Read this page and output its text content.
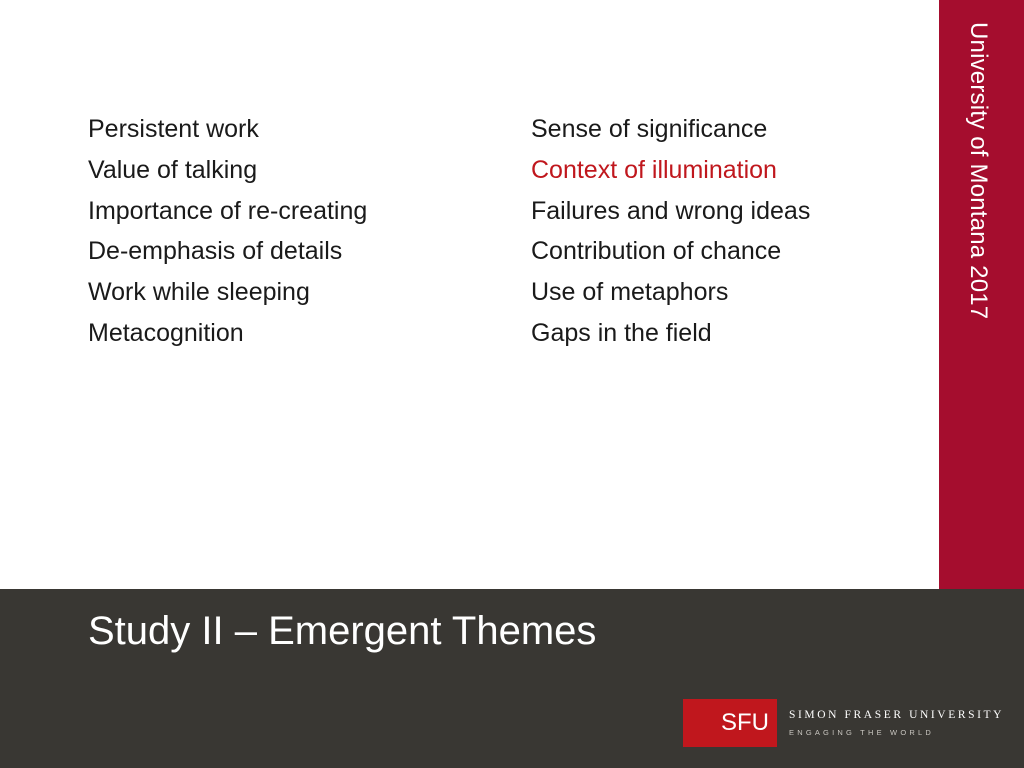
Persistent work
Value of talking
Importance of re-creating
De-emphasis of details
Work while sleeping
Metacognition
Sense of significance
Context of illumination
Failures and wrong ideas
Contribution of chance
Use of metaphors
Gaps in the field
University of Montana 2017
Study II – Emergent Themes
SFU	SIMON FRASER UNIVERSITY
ENGAGING THE WORLD
